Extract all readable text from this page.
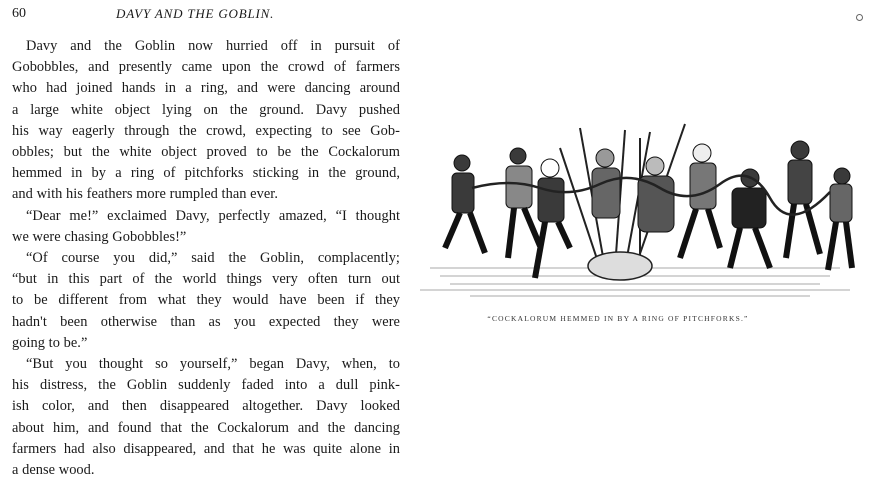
60	DAVY AND THE GOBLIN.

Davy and the Goblin now hurried off in pursuit of
Gobobbles, and presently came upon the crowd of farmers
who had joined hands in a ring, and were dancing around
a large white object lying on the ground. Davy pushed
his way eagerly through the crowd, expecting to see Gob-
obbles; but the white object proved to be the Cockalorum
hemmed in by a ring of pitchforks sticking in the ground,
and with his feathers more rumpled than ever.

“Dear me!” exclaimed Davy, perfectly amazed, “I thought
we were chasing Gobobbles!”

“Of course you did,” said the Goblin, complacently;
“but in this part of the world things very often turn out
to be different from what they would have been if they
hadn't been otherwise than as you expected they were
going to be.”

“But you thought so yourself,” began Davy, when, to
his distress, the Goblin suddenly faded into a dull pink-
ish color, and then disappeared altogether. Davy looked
about him, and found that the Cockalorum and the dancing
farmers had also disappeared, and that he was quite alone in
a dense wood.

“COCKALORUM HEMMED IN BY A RING OF PITCHFORKS.”
